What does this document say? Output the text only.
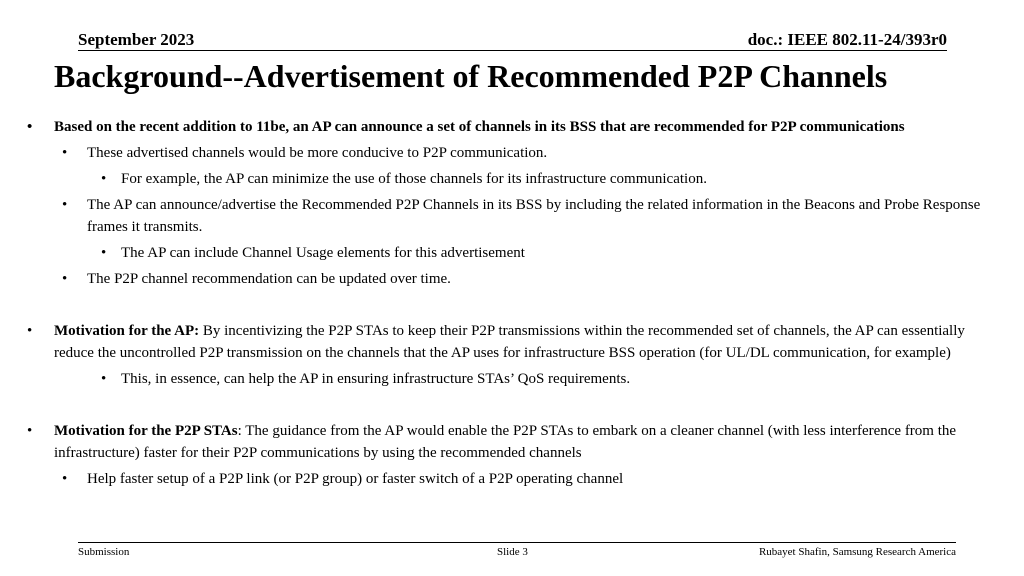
September 2023	doc.: IEEE 802.11-24/393r0
Background--Advertisement of Recommended P2P Channels
• Based on the recent addition to 11be, an AP can announce a set of channels in its BSS that are recommended for P2P communications
• These advertised channels would be more conducive to P2P communication.
• For example, the AP can minimize the use of those channels for its infrastructure communication.
• The AP can announce/advertise the Recommended P2P Channels in its BSS by including the related information in the Beacons and Probe Response frames it transmits.
• The AP can include Channel Usage elements for this advertisement
• The P2P channel recommendation can be updated over time.
• Motivation for the AP: By incentivizing the P2P STAs to keep their P2P transmissions within the recommended set of channels, the AP can essentially reduce the uncontrolled P2P transmission on the channels that the AP uses for infrastructure BSS operation (for UL/DL communication, for example)
• This, in essence, can help the AP in ensuring infrastructure STAs’ QoS requirements.
• Motivation for the P2P STAs: The guidance from the AP would enable the P2P STAs to embark on a cleaner channel (with less interference from the infrastructure) faster for their P2P communications by using the recommended channels
• Help faster setup of a P2P link (or P2P group) or faster switch of a P2P operating channel
Submission	Slide 3	Rubayet Shafin, Samsung Research America
